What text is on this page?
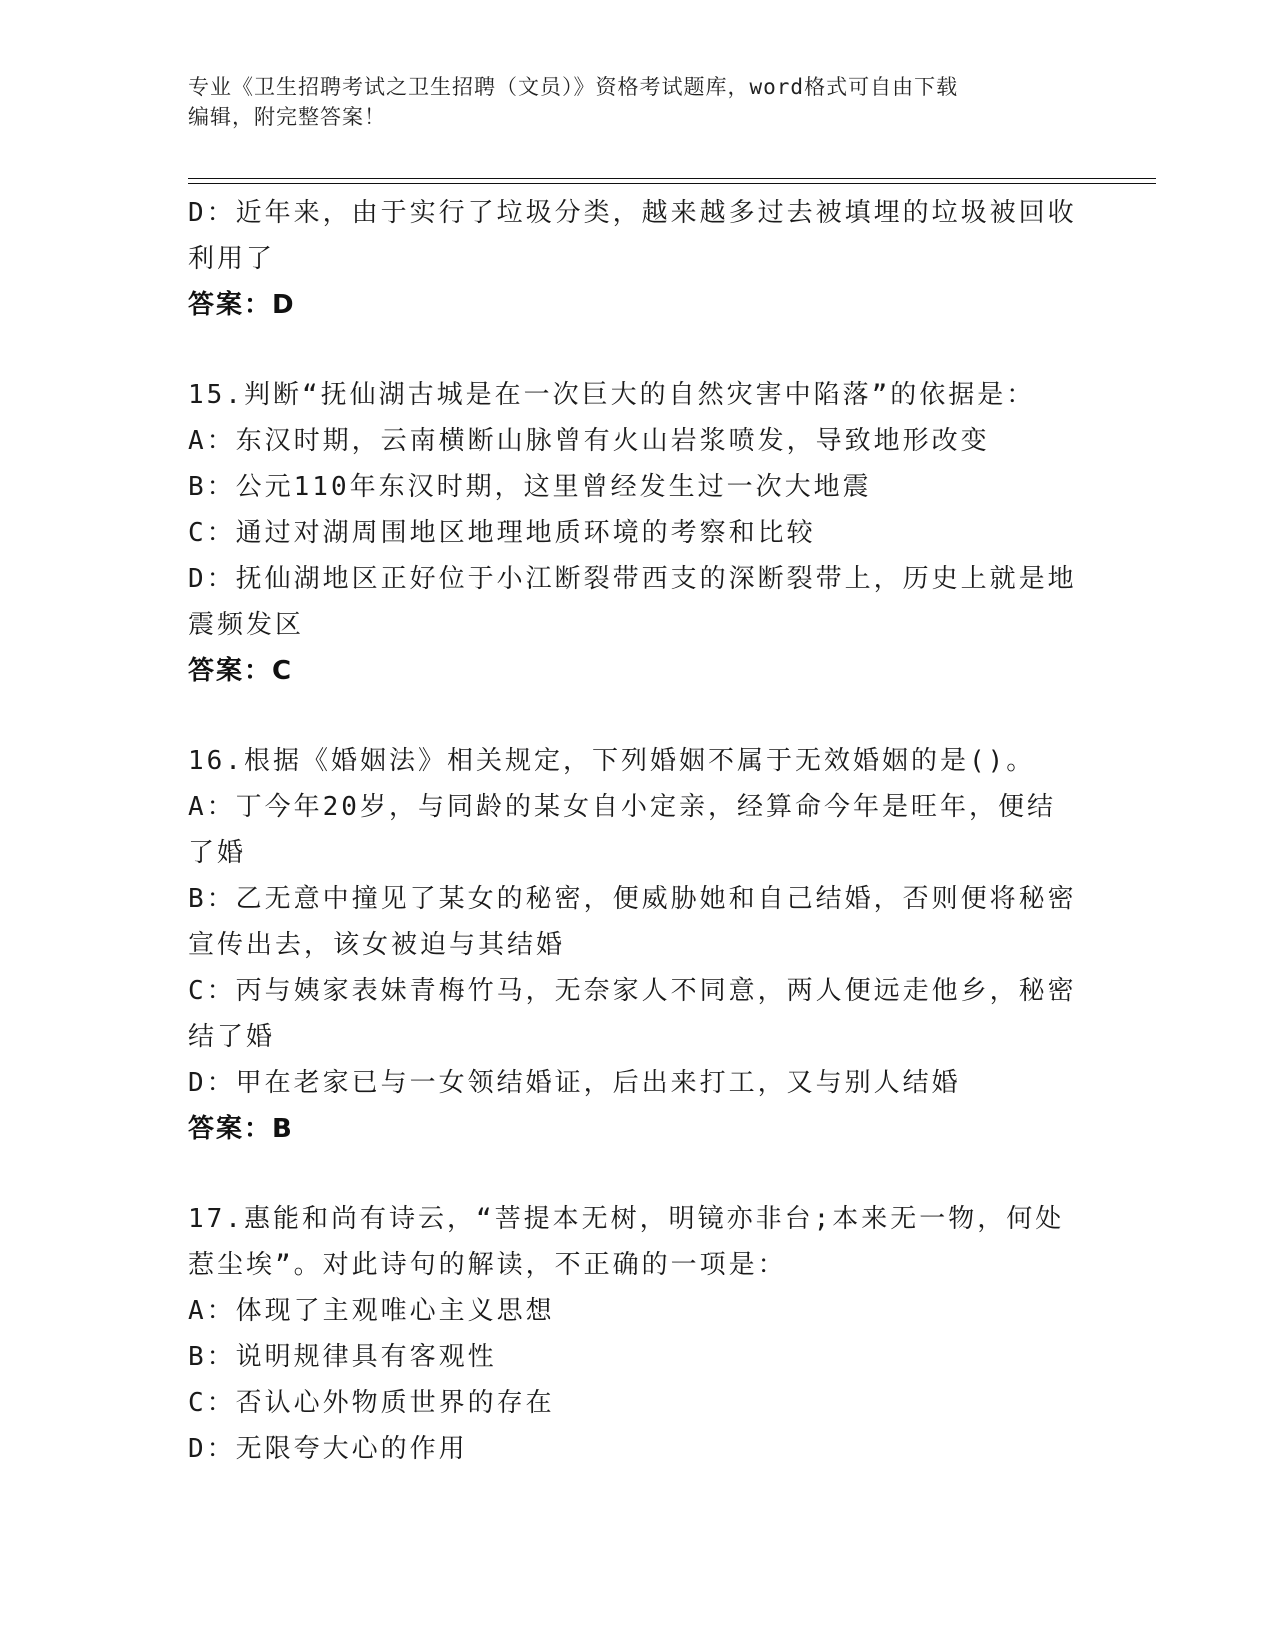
专业《卫生招聘考试之卫生招聘（文员）》资格考试题库，word格式可自由下载
编辑，附完整答案！
D：近年来，由于实行了垃圾分类，越来越多过去被填埋的垃圾被回收
利用了
答案：D
15.判断“抚仙湖古城是在一次巨大的自然灾害中陷落”的依据是：
A：东汉时期，云南横断山脉曾有火山岩浆喷发，导致地形改变
B：公元110年东汉时期，这里曾经发生过一次大地震
C：通过对湖周围地区地理地质环境的考察和比较
D：抚仙湖地区正好位于小江断裂带西支的深断裂带上，历史上就是地
震频发区
答案：C
16.根据《婚姻法》相关规定，下列婚姻不属于无效婚姻的是()。
A：丁今年20岁，与同龄的某女自小定亲，经算命今年是旺年，便结
了婚
B：乙无意中撞见了某女的秘密，便威胁她和自己结婚，否则便将秘密
宣传出去，该女被迫与其结婚
C：丙与姨家表妹青梅竹马，无奈家人不同意，两人便远走他乡，秘密
结了婚
D：甲在老家已与一女领结婚证，后出来打工，又与别人结婚
答案：B
17.惠能和尚有诗云，“菩提本无树，明镜亦非台;本来无一物，何处
惹尘埃”。对此诗句的解读，不正确的一项是：
A：体现了主观唯心主义思想
B：说明规律具有客观性
C：否认心外物质世界的存在
D：无限夸大心的作用
